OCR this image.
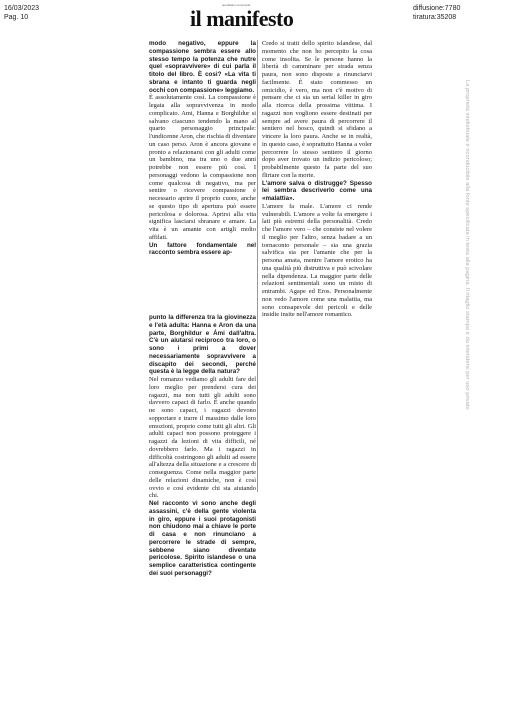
16/03/2023
Pag. 10
quotidiano comunista
il manifesto	diffusione:7780
tiratura:35208

modo negativo, eppure la compassione sembra essere allo stesso tempo la potenza che nutre quel «sopravvivere» di cui parla il titolo del libro. È così? «La vita ti sbrana e intanto ti guarda negli occhi con compassione» leggiamo.

È assolutamente così. La compassione è legata alla sopravvivenza in modo complicato. Ami, Hanna e Borghildur si salvano ciascuno tendendo la mano al quarto personaggio principale: l'undicenne Aron, che rischia di diventare un caso perso. Aron è ancora giovane e pronto a relazionarsi con gli adulti come un bambino, ma tra uno o due anni potrebbe non essere più così. I personaggi vedono la compassione non come qualcosa di negativo, ma per sentire o ricevere compassione è necessario aprire il proprio cuore, anche se questo tipo di apertura può essere pericolosa e dolorosa. Aprirsi alla vita significa lasciarsi sbranare e amare. La vita è un amante con artigli molto affilati.

Un fattore fondamentale nel racconto sembra essere ap-

punto la differenza tra la giovinezza e l'età adulta: Hanna e Aron da una parte, Borghildur e Ámi dall'altra. C'è un aiutarsi reciproco tra loro, o sono i primi a dover necessariamente sopravvivere a discapito dei secondi, perché questa è la legge della natura?

Nel romanzo vediamo gli adulti fare del loro meglio per prendersi cura dei ragazzi, ma non tutti gli adulti sono davvero capaci di farlo. È anche quando ne sono capaci, i ragazzi devono sopportare e trarre il massimo dalle loro emozioni, proprio come tutti gli altri. Gli adulti capaci non possono proteggere i ragazzi da lezioni di vita difficili, né dovrebbero farlo. Ma i ragazzi in difficoltà costringono gli adulti ad essere all'altezza della situazione e a crescere di conseguenza. Come nella maggior parte delle relazioni dinamiche, non è così ovvio e così evidente chi sta aiutando chi.

Nel racconto vi sono anche degli assassini, c'è della gente violenta in giro, eppure i suoi protagonisti non chiudono mai a chiave le porte di casa e non rinunciano a percorrere le strade di sempre, sebbene siano diventate pericolose. Spirito islandese o una semplice caratteristica contingente dei suoi personaggi?

Credo si tratti dello spirito islandese, dal momento che non ho percepito la cosa come insolita. Se le persone hanno la libertà di camminare per strada senza paura, non sono disposte a rinunciarvi facilmente. È stato commesso un omicidio, è vero, ma non c'è motivo di pensare che ci sia un serial killer in giro alla ricerca della prossima vittima. I ragazzi non vogliono essere destinati per sempre ad avere paura di percorrere il sentiero nel bosco, quindi si sfidano a vincere la loro paura. Anche se in realtà, in questo caso, è soprattutto Hanna a voler percorrere lo stesso sentiero il giorno dopo aver trovato un indizio pericoloso; probabilmente questo fa parte del suo flirtare con la morte.

L'amore salva o distrugge? Spesso lei sembra descriverlo come una «malattia».

L'amore fa male. L'amore ci rende vulnerabili. L'amore a volte fa emergere i lati più estremi della personalità. Credo che l'amore vero – che consiste nel volere il meglio per l'altro, senza badare a un tornaconto personale – sia una grazia salvifica sia per l'amante che per la persona amata, mentre l'amore erotico ha una qualità più distruttiva e può scivolare nella dipendenza. La maggior parte delle relazioni sentimentali sono un misto di entrambi. Agape ed Eros. Personalmente non vedo l'amore come una malattia, ma sono consapevole dei pericoli e delle insidie insite nell'amore romantico.	La proprietà intellettuale è riconducibile alla fonte specificata in testa alla pagina. Il ritaglio stampa è da intendersi per uso privato
